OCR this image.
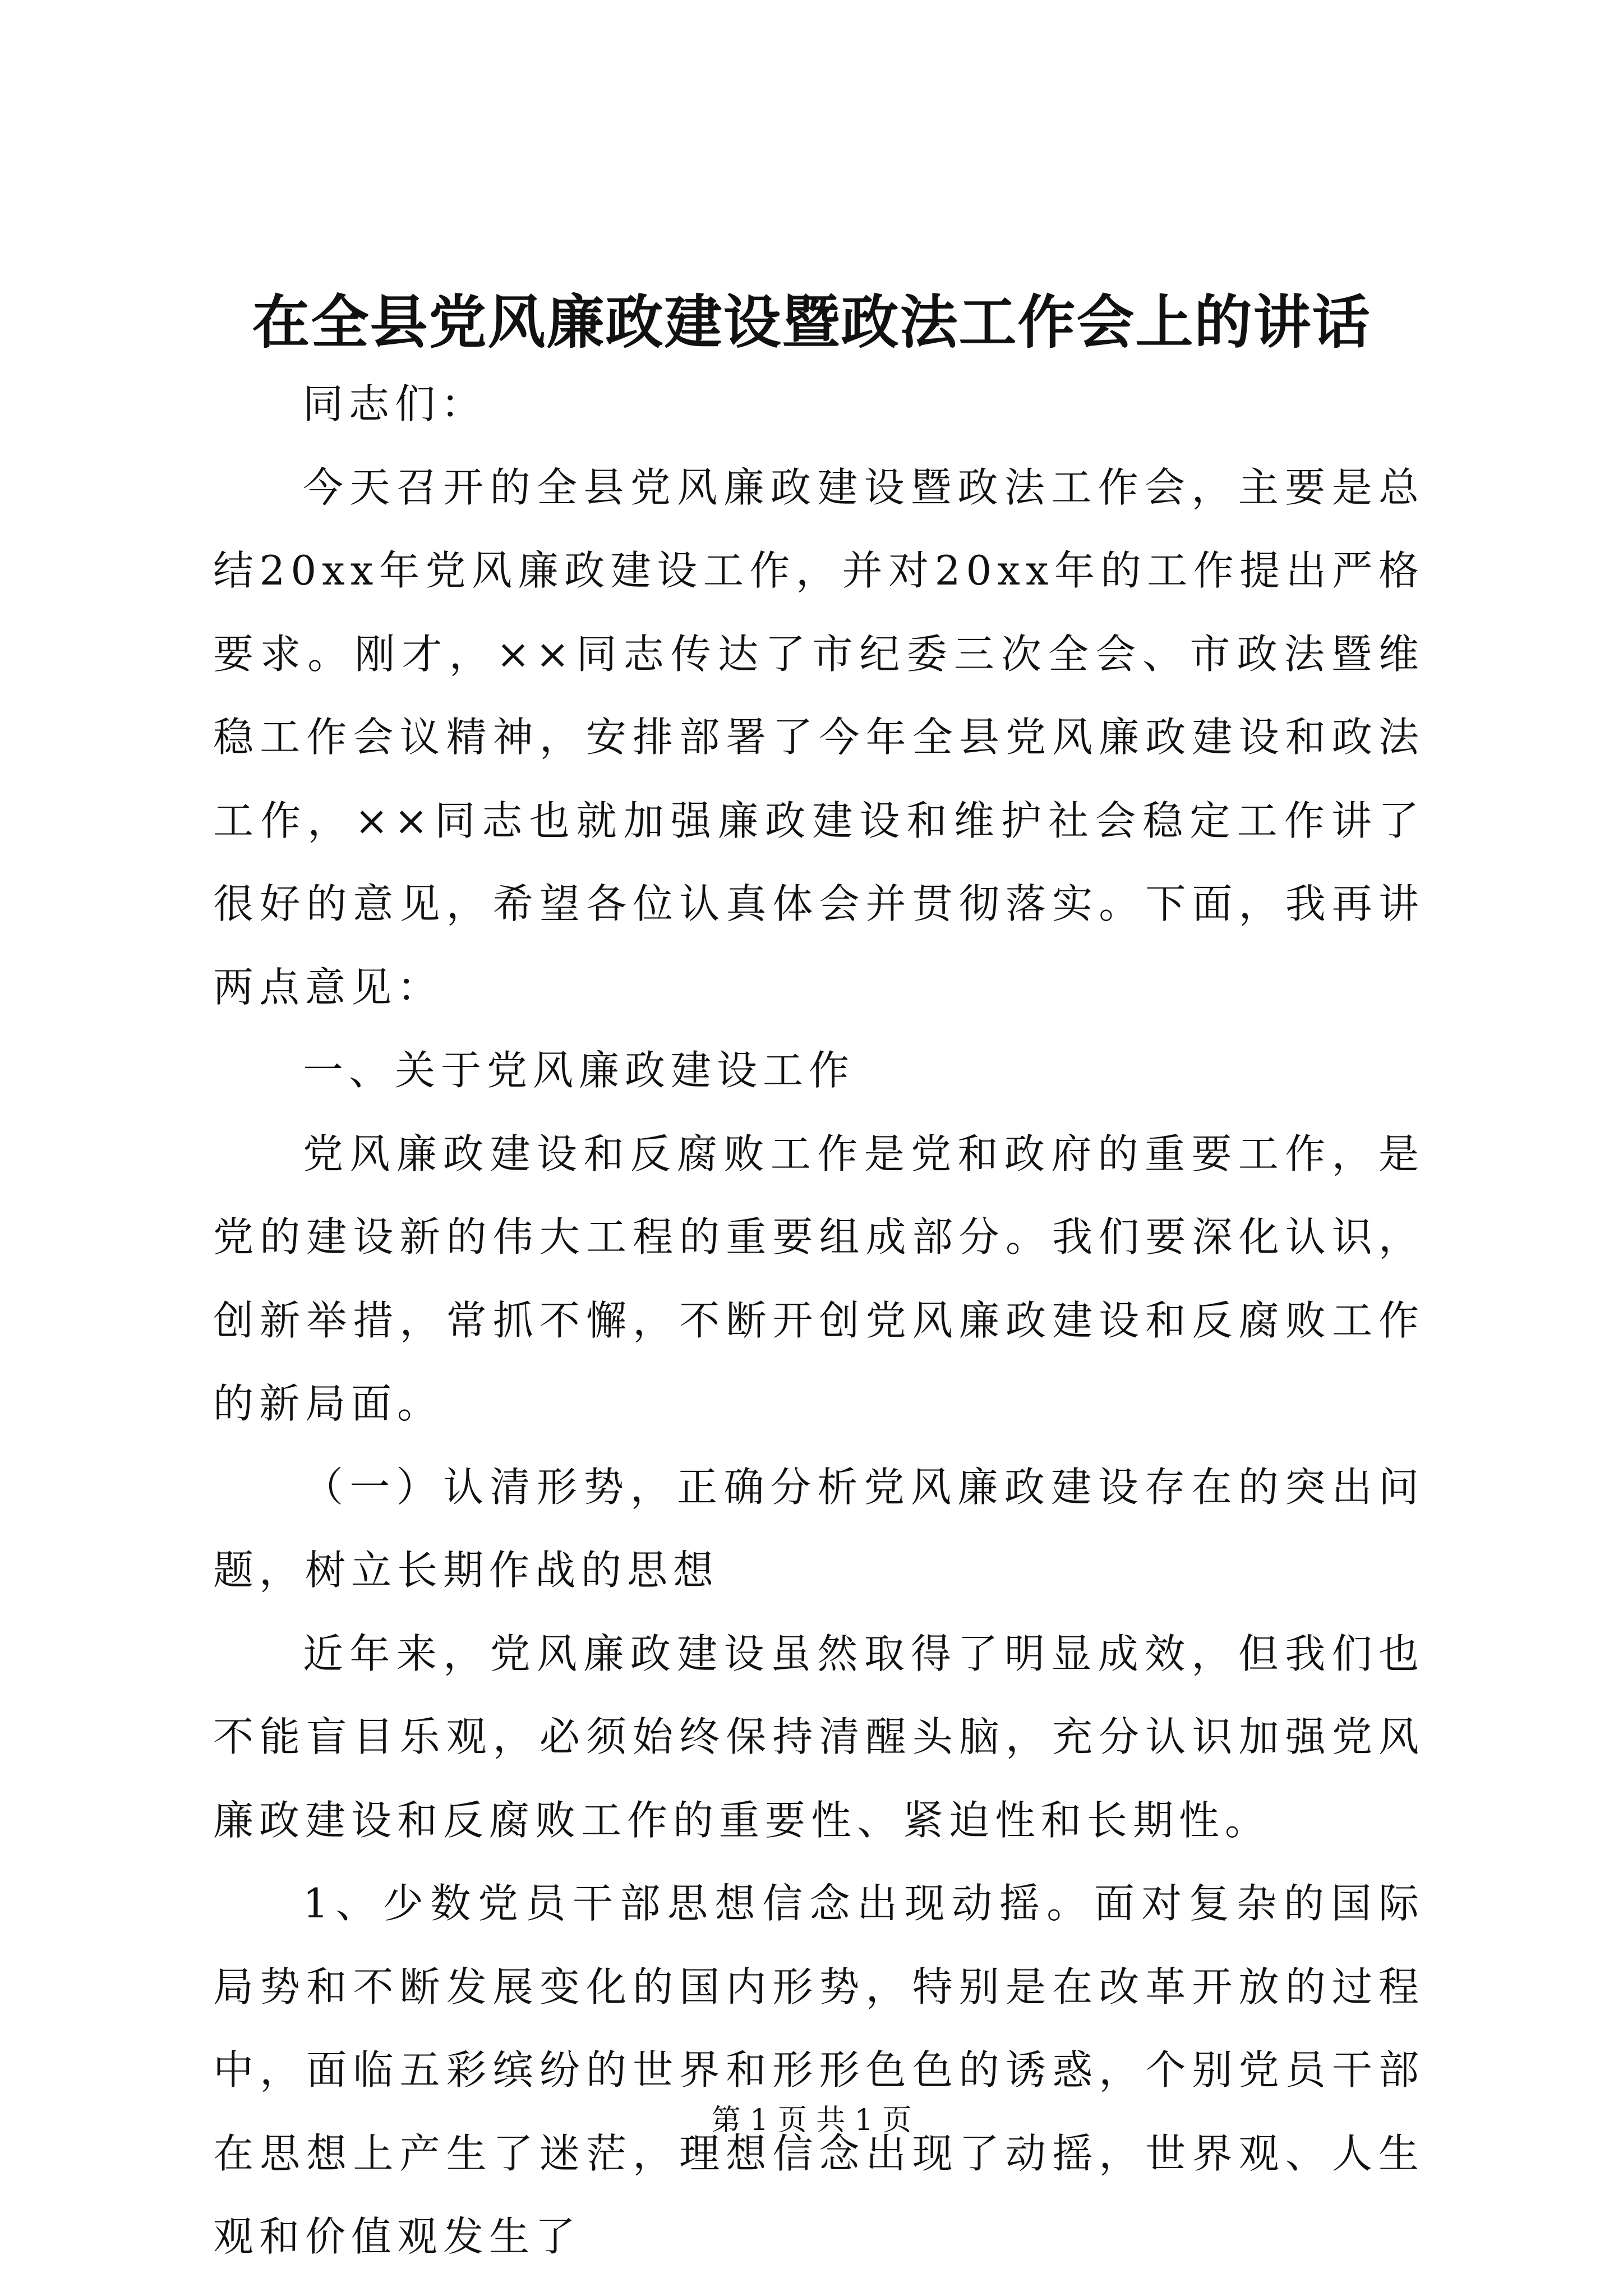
在全县党风廉政建设暨政法工作会上的讲话

同志们：

今天召开的全县党风廉政建设暨政法工作会，主要是总结20xx年党风廉政建设工作，并对20xx年的工作提出严格要求。刚才，××同志传达了市纪委三次全会、市政法暨维稳工作会议精神，安排部署了今年全县党风廉政建设和政法工作，××同志也就加强廉政建设和维护社会稳定工作讲了很好的意见，希望各位认真体会并贯彻落实。下面，我再讲两点意见：

一、关于党风廉政建设工作

党风廉政建设和反腐败工作是党和政府的重要工作，是党的建设新的伟大工程的重要组成部分。我们要深化认识，创新举措，常抓不懈，不断开创党风廉政建设和反腐败工作的新局面。

（一）认清形势，正确分析党风廉政建设存在的突出问题，树立长期作战的思想

近年来，党风廉政建设虽然取得了明显成效，但我们也不能盲目乐观，必须始终保持清醒头脑，充分认识加强党风廉政建设和反腐败工作的重要性、紧迫性和长期性。

1、少数党员干部思想信念出现动摇。面对复杂的国际局势和不断发展变化的国内形势，特别是在改革开放的过程中，面临五彩缤纷的世界和形形色色的诱惑，个别党员干部在思想上产生了迷茫，理想信念出现了动摇，世界观、人生观和价值观发生了

第 1 页 共 1 页
